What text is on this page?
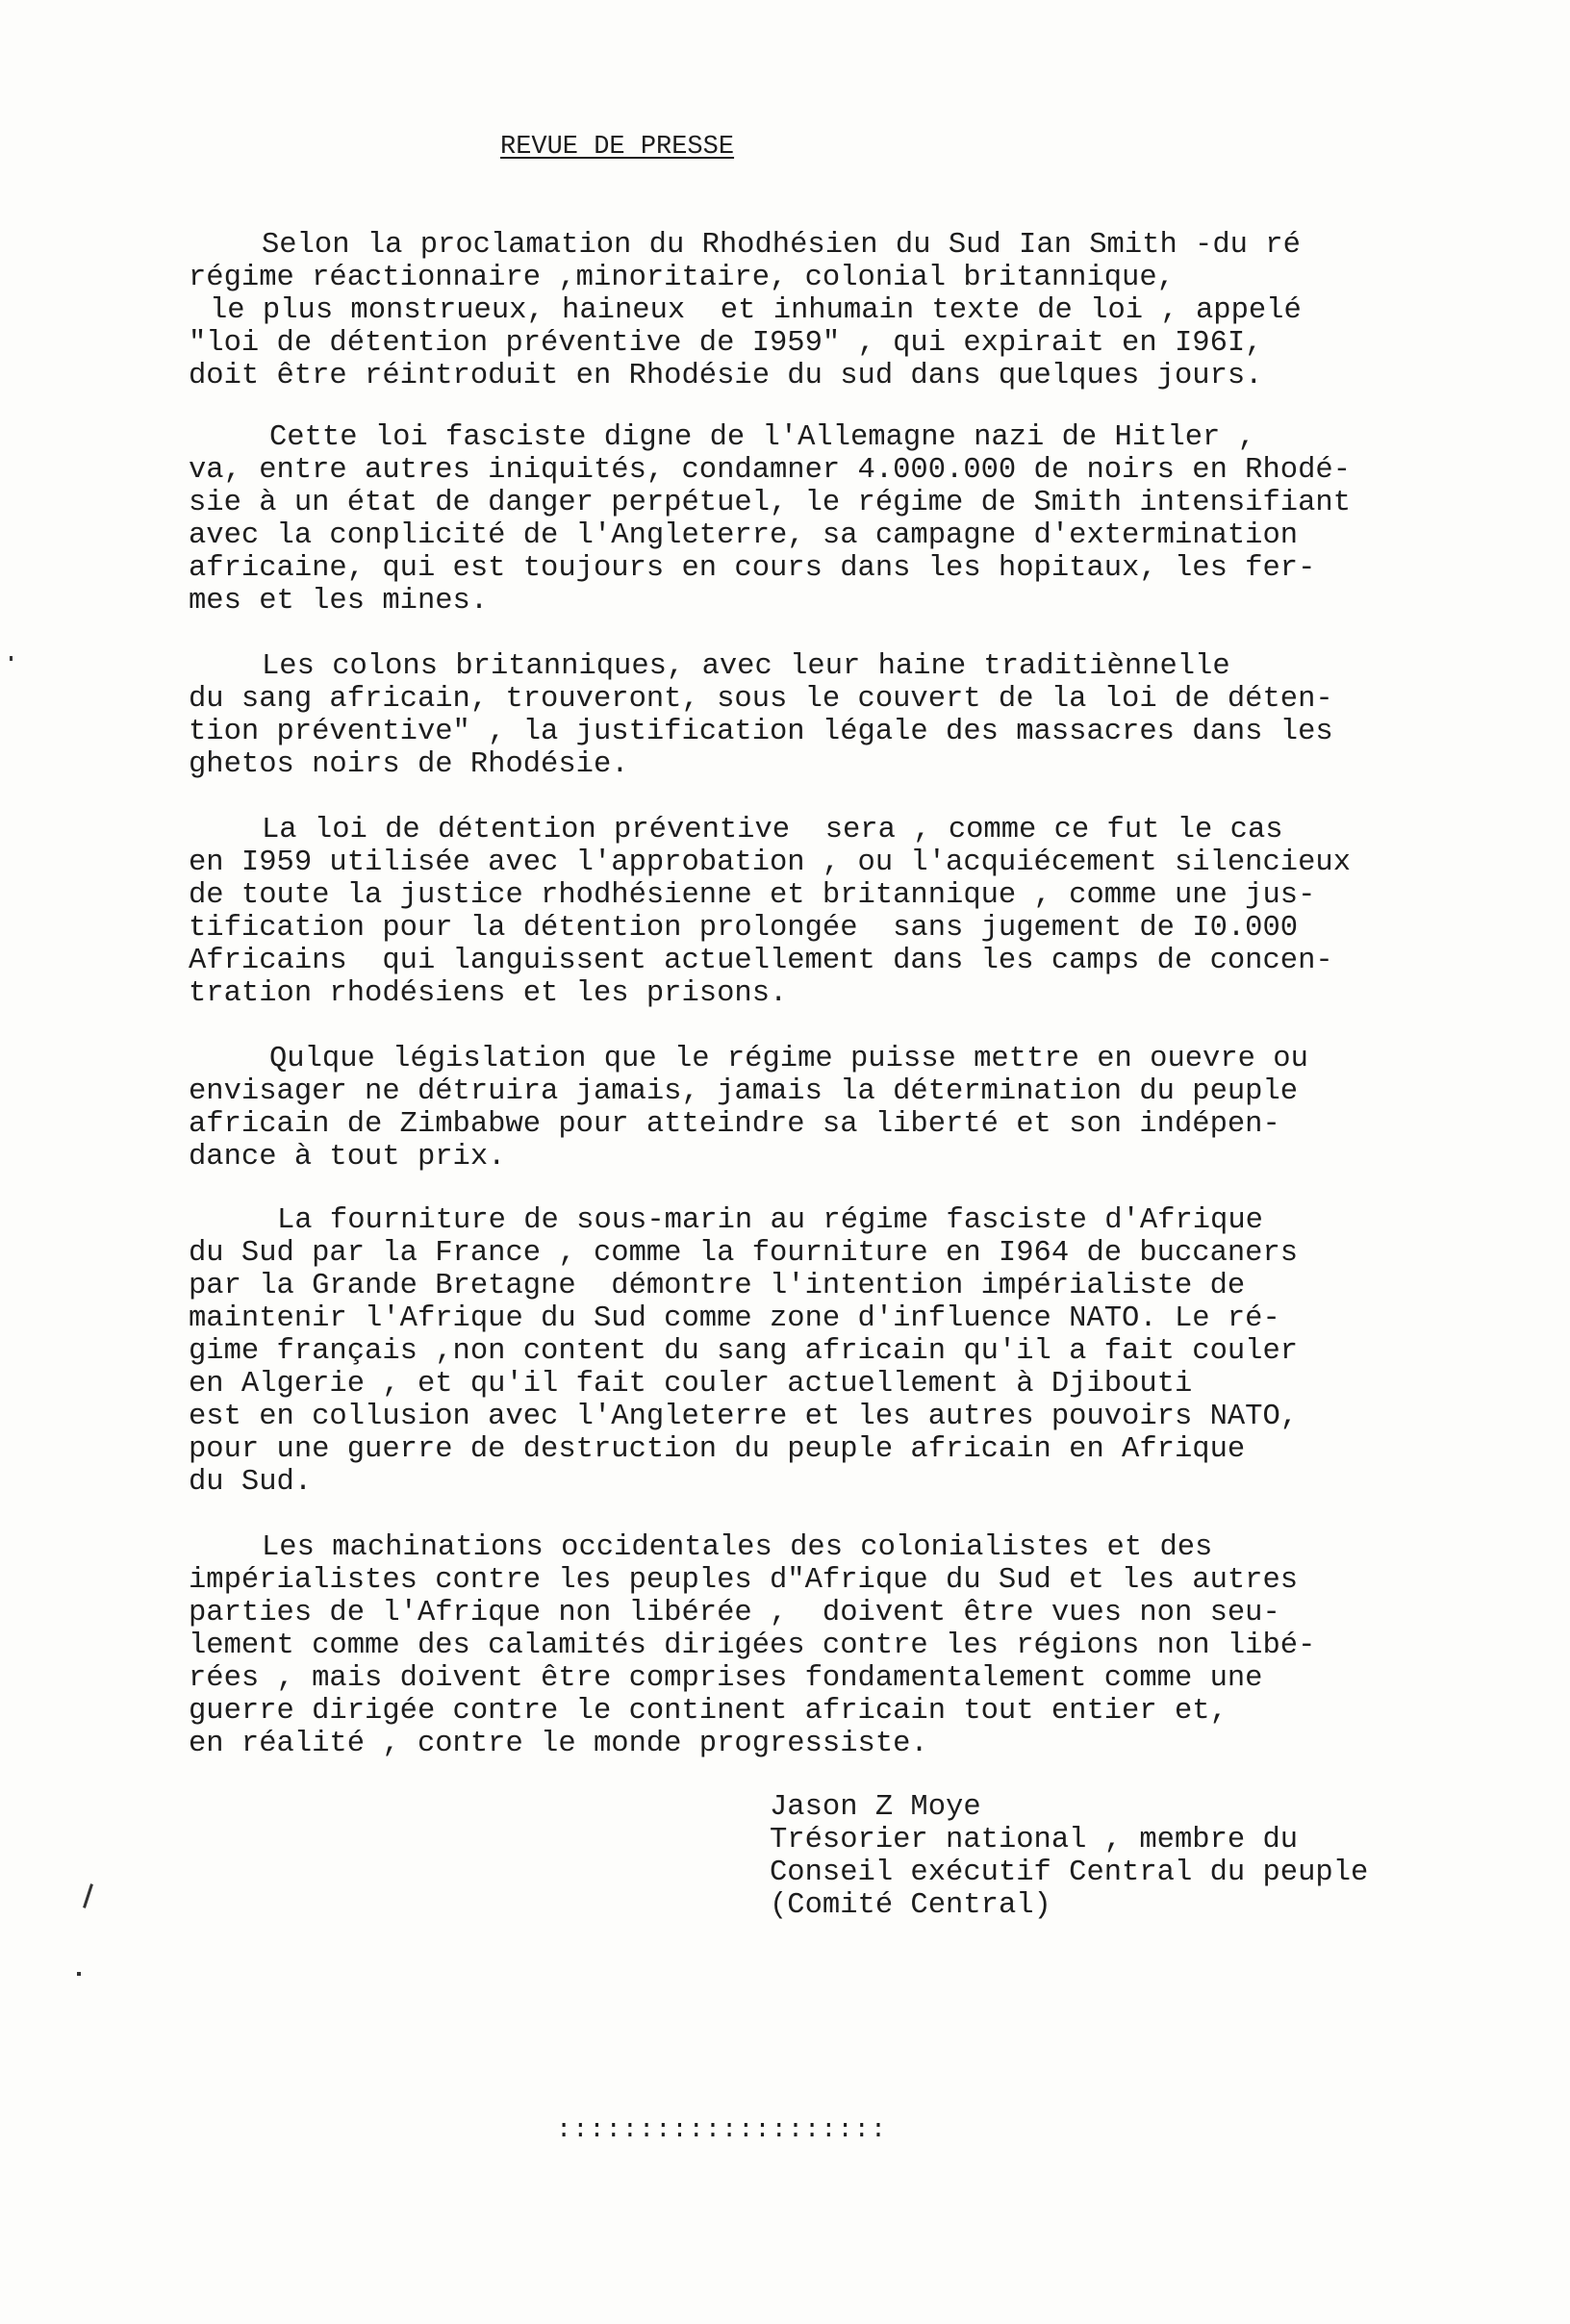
REVUE DE PRESSE
Selon la proclamation du Rhodhésien du Sud Ian Smith -du ré
régime réactionnaire ,minoritaire, colonial britannique,
le plus monstrueux, haineux  et inhumain texte de loi , appelé
"loi de détention préventive de I959" , qui expirait en I96I,
doit être réintroduit en Rhodésie du sud dans quelques jours.
Cette loi fasciste digne de l'Allemagne nazi de Hitler ,
va, entre autres iniquités, condamner 4.000.000 de noirs en Rhodé-
sie à un état de danger perpétuel, le régime de Smith intensifiant
avec la conplicité de l'Angleterre, sa campagne d'extermination
africaine, qui est toujours en cours dans les hopitaux, les fer-
mes et les mines.
Les colons britanniques, avec leur haine traditiènnelle
du sang africain, trouveront, sous le couvert de la loi de déten-
tion préventive" , la justification légale des massacres dans les
ghetos noirs de Rhodésie.
La loi de détention préventive  sera , comme ce fut le cas
en I959 utilisée avec l'approbation , ou l'acquiécement silencieux
de toute la justice rhodhésienne et britannique , comme une jus-
tification pour la détention prolongée  sans jugement de I0.000
Africains  qui languissent actuellement dans les camps de concen-
tration rhodésiens et les prisons.
Qulque législation que le régime puisse mettre en ouevre ou
envisager ne détruira jamais, jamais la détermination du peuple
africain de Zimbabwe pour atteindre sa liberté et son indépen-
dance à tout prix.
La fourniture de sous-marin au régime fasciste d'Afrique
du Sud par la France , comme la fourniture en I964 de buccaners
par la Grande Bretagne  démontre l'intention impérialiste de
maintenir l'Afrique du Sud comme zone d'influence NATO. Le ré-
gime français ,non content du sang africain qu'il a fait couler
en Algerie , et qu'il fait couler actuellement à Djibouti
est en collusion avec l'Angleterre et les autres pouvoirs NATO,
pour une guerre de destruction du peuple africain en Afrique
du Sud.
Les machinations occidentales des colonialistes et des
impérialistes contre les peuples d"Afrique du Sud et les autres
parties de l'Afrique non libérée ,  doivent être vues non seu-
lement comme des calamités dirigées contre les régions non libé-
rées , mais doivent être comprises fondamentalement comme une
guerre dirigée contre le continent africain tout entier et,
en réalité , contre le monde progressiste.
Jason Z Moye
Trésorier national , membre du
Conseil exécutif Central du peuple
(Comité Central)
::::::::::::::::::::
